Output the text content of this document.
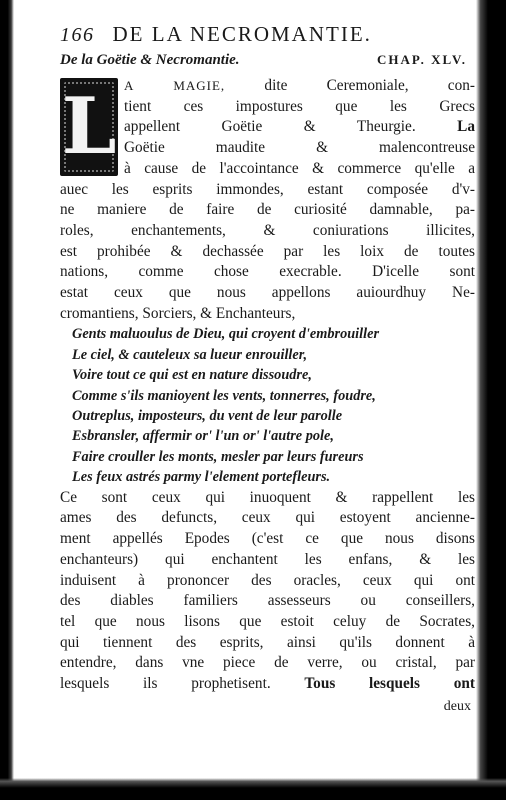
166 DE LA NECROMANTIE.
De la Goëtie & Necromantie.	CHAP. XLV.
L A MAGIE, dite Ceremoniale, con-
tient ces impostures que les Grecs
appellent Goëtie & Theurgie.	La
Goëtie maudite & malencontreuse
à cause de l'accointance & commerce qu'elle a
auec les esprits immondes, estant composée d'v-
ne maniere de faire de curiosité damnable, pa-
roles, enchantements, & coniurations illicites,
est prohibée & dechassée par les loix de toutes
nations, comme chose execrable. D'icelle sont
estat ceux que nous appellons auiourdhuy Ne-
cromantiens, Sorciers, & Enchanteurs,
Gents maluoulus de Dieu, qui croyent d'embrouiller
Le ciel, & cauteleux sa lueur enrouiller,
Voire tout ce qui est en nature dissoudre,
Comme s'ils manioyent les vents, tonnerres, foudre,
Outreplus, imposteurs, du vent de leur parolle
Esbransler, affermir or' l'un or' l'autre pole,
Faire crouller les monts, mesler par leurs fureurs
Les feux astrés parmy l'element portefleurs.
Ce sont ceux qui inuoquent & rappellent les
ames des defuncts, ceux qui estoyent ancienne-
ment appellés Epodes (c'est ce que nous disons
enchanteurs) qui enchantent les enfans, & les
induisent à prononcer des oracles, ceux qui ont
des diables familiers assesseurs ou conseillers,
tel que nous lisons que estoit celuy de Socrates,
qui tiennent des esprits, ainsi qu'ils donnent à
entendre, dans vne piece de verre, ou cristal, par
lesquels ils prophetisent. Tous lesquels ont
deux
